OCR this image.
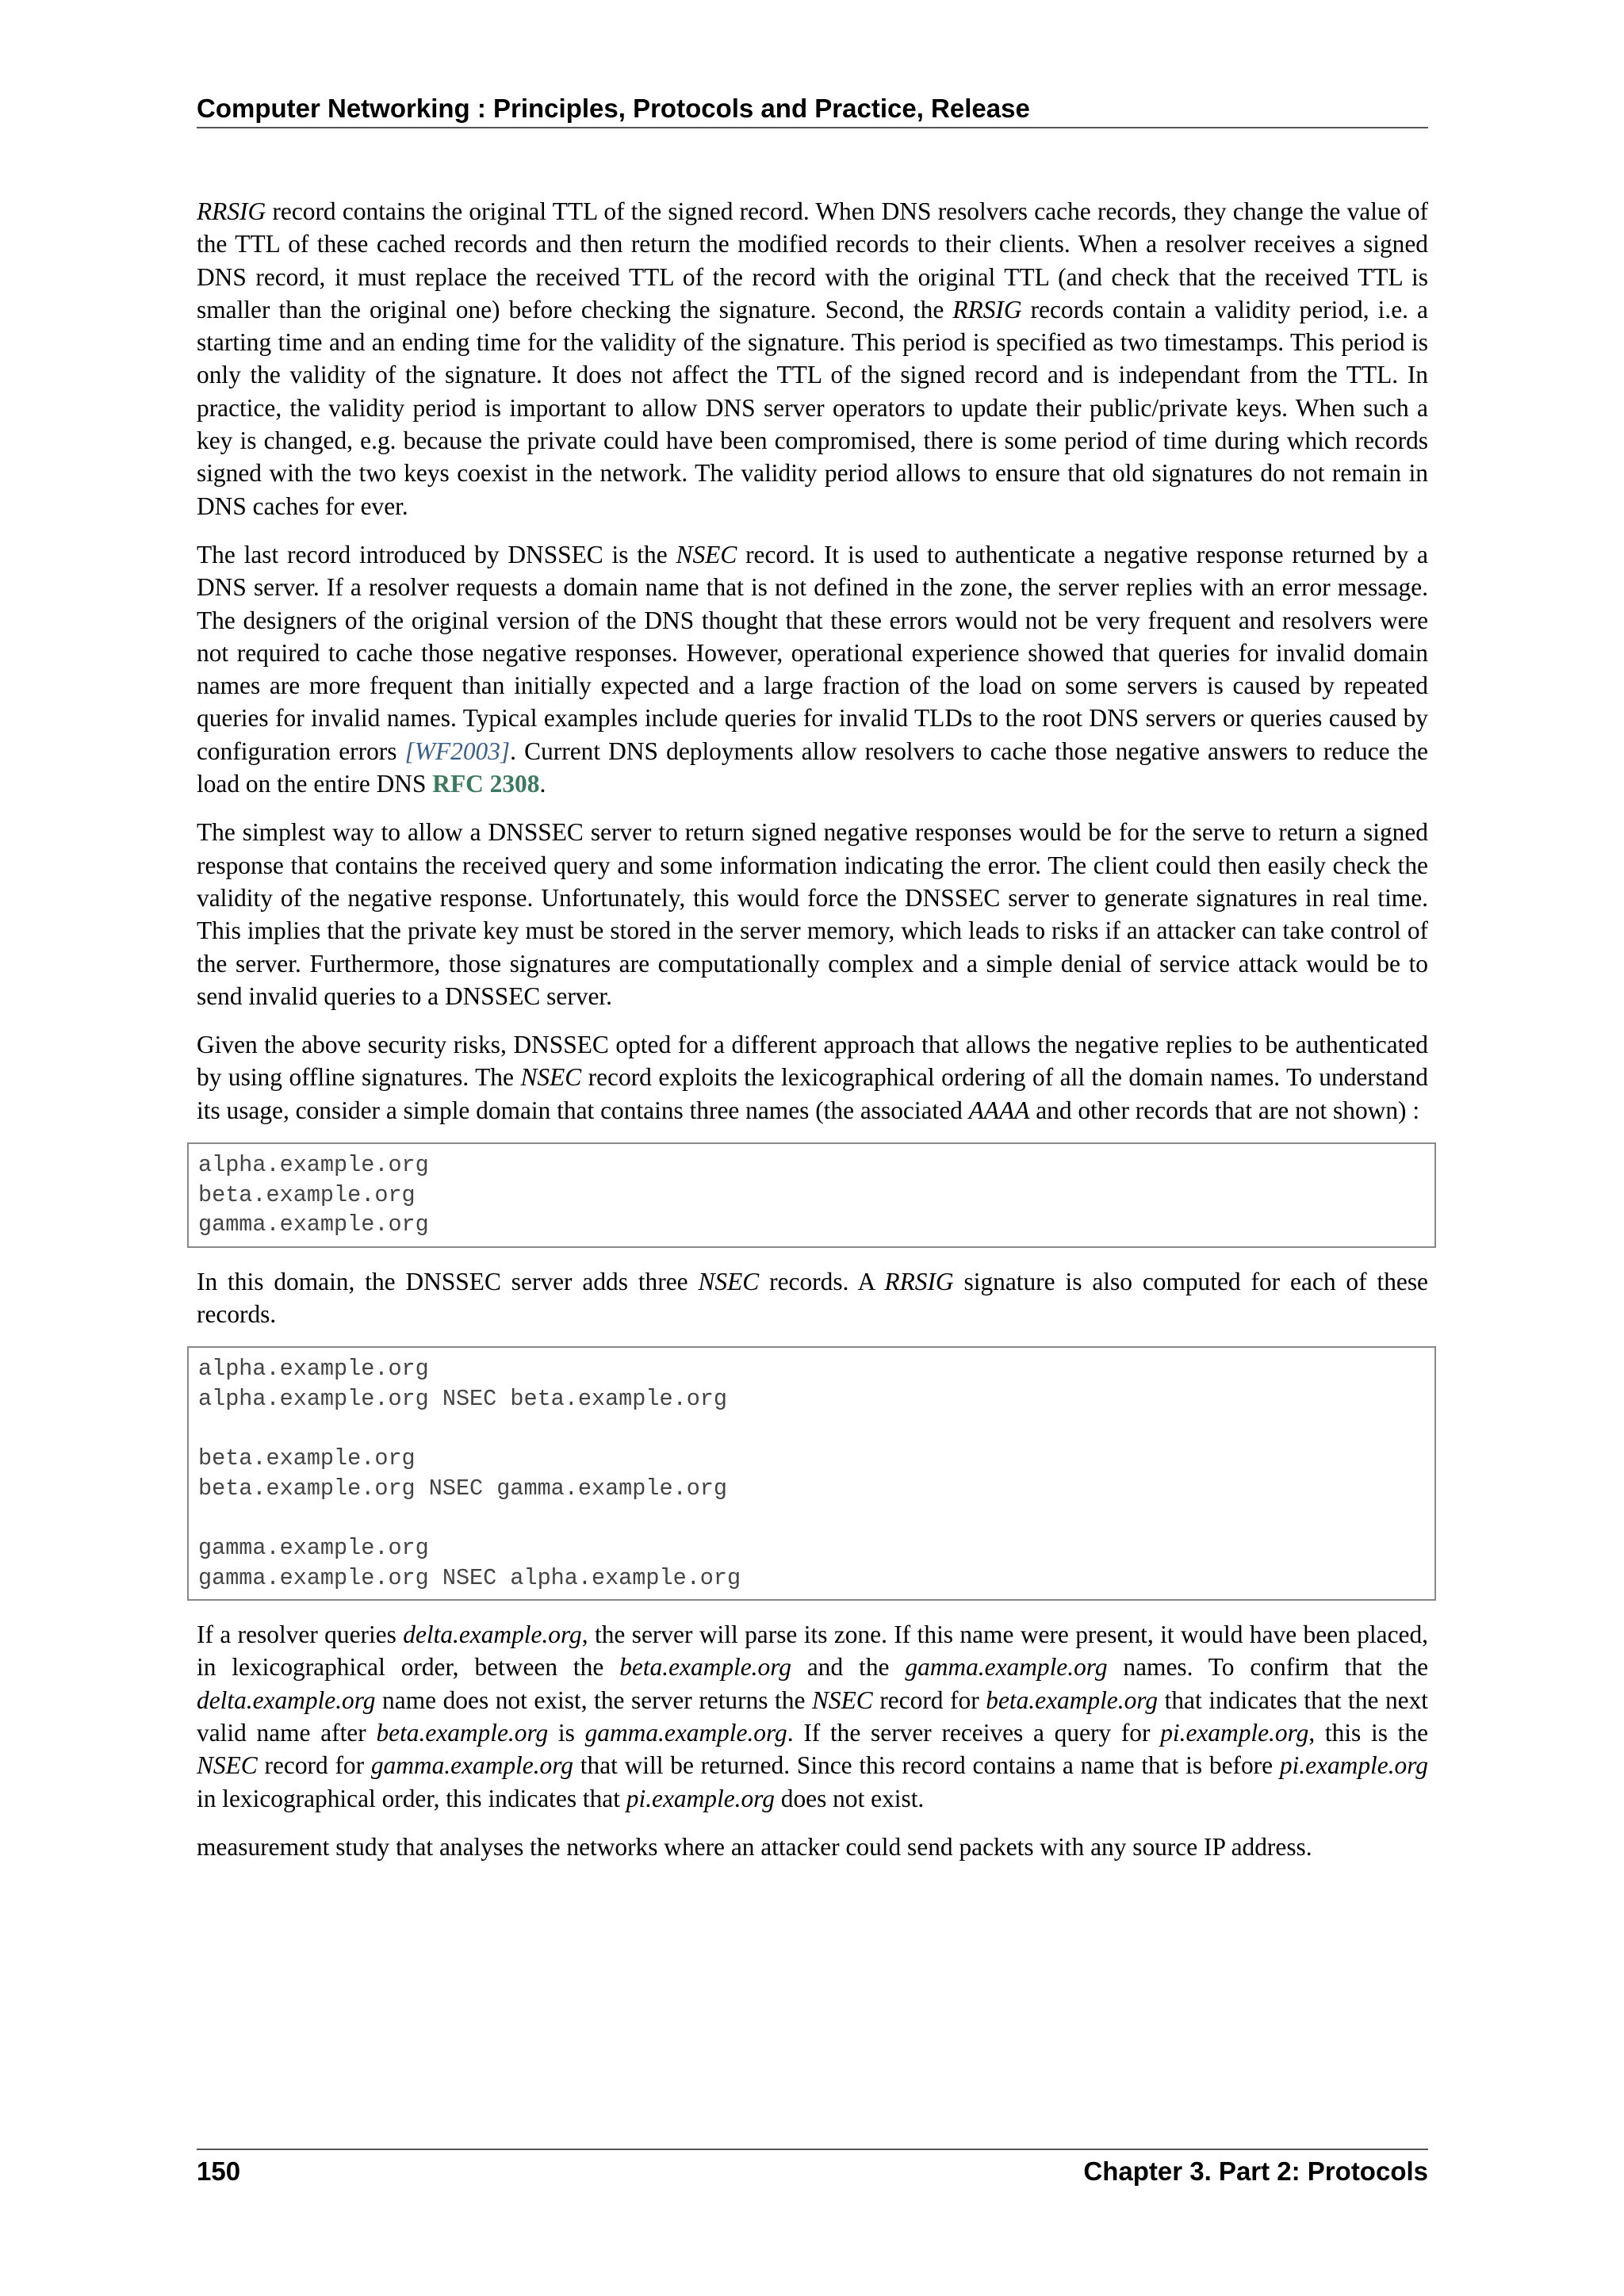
Computer Networking : Principles, Protocols and Practice, Release

RRSIG record contains the original TTL of the signed record. When DNS resolvers cache records, they change the value of the TTL of these cached records and then return the modified records to their clients. When a resolver receives a signed DNS record, it must replace the received TTL of the record with the original TTL (and check that the received TTL is smaller than the original one) before checking the signature. Second, the RRSIG records contain a validity period, i.e. a starting time and an ending time for the validity of the signature. This period is specified as two timestamps. This period is only the validity of the signature. It does not affect the TTL of the signed record and is independant from the TTL. In practice, the validity period is important to allow DNS server operators to update their public/private keys. When such a key is changed, e.g. because the private could have been compromised, there is some period of time during which records signed with the two keys coexist in the network. The validity period allows to ensure that old signatures do not remain in DNS caches for ever.

The last record introduced by DNSSEC is the NSEC record. It is used to authenticate a negative response returned by a DNS server. If a resolver requests a domain name that is not defined in the zone, the server replies with an error message. The designers of the original version of the DNS thought that these errors would not be very frequent and resolvers were not required to cache those negative responses. However, operational experience showed that queries for invalid domain names are more frequent than initially expected and a large fraction of the load on some servers is caused by repeated queries for invalid names. Typical examples include queries for invalid TLDs to the root DNS servers or queries caused by configuration errors [WF2003]. Current DNS deployments allow resolvers to cache those negative answers to reduce the load on the entire DNS RFC 2308.

The simplest way to allow a DNSSEC server to return signed negative responses would be for the serve to return a signed response that contains the received query and some information indicating the error. The client could then easily check the validity of the negative response. Unfortunately, this would force the DNSSEC server to generate signatures in real time. This implies that the private key must be stored in the server memory, which leads to risks if an attacker can take control of the server. Furthermore, those signatures are computationally complex and a simple denial of service attack would be to send invalid queries to a DNSSEC server.

Given the above security risks, DNSSEC opted for a different approach that allows the negative replies to be authenticated by using offline signatures. The NSEC record exploits the lexicographical ordering of all the domain names. To understand its usage, consider a simple domain that contains three names (the associated AAAA and other records that are not shown) :

alpha.example.org
beta.example.org
gamma.example.org

In this domain, the DNSSEC server adds three NSEC records. A RRSIG signature is also computed for each of these records.

alpha.example.org
alpha.example.org NSEC beta.example.org
beta.example.org
beta.example.org NSEC gamma.example.org
gamma.example.org
gamma.example.org NSEC alpha.example.org

If a resolver queries delta.example.org, the server will parse its zone. If this name were present, it would have been placed, in lexicographical order, between the beta.example.org and the gamma.example.org names. To confirm that the delta.example.org name does not exist, the server returns the NSEC record for beta.example.org that indicates that the next valid name after beta.example.org is gamma.example.org. If the server receives a query for pi.example.org, this is the NSEC record for gamma.example.org that will be returned. Since this record contains a name that is before pi.example.org in lexicographical order, this indicates that pi.example.org does not exist.

measurement study that analyses the networks where an attacker could send packets with any source IP address.

150	Chapter 3. Part 2: Protocols
